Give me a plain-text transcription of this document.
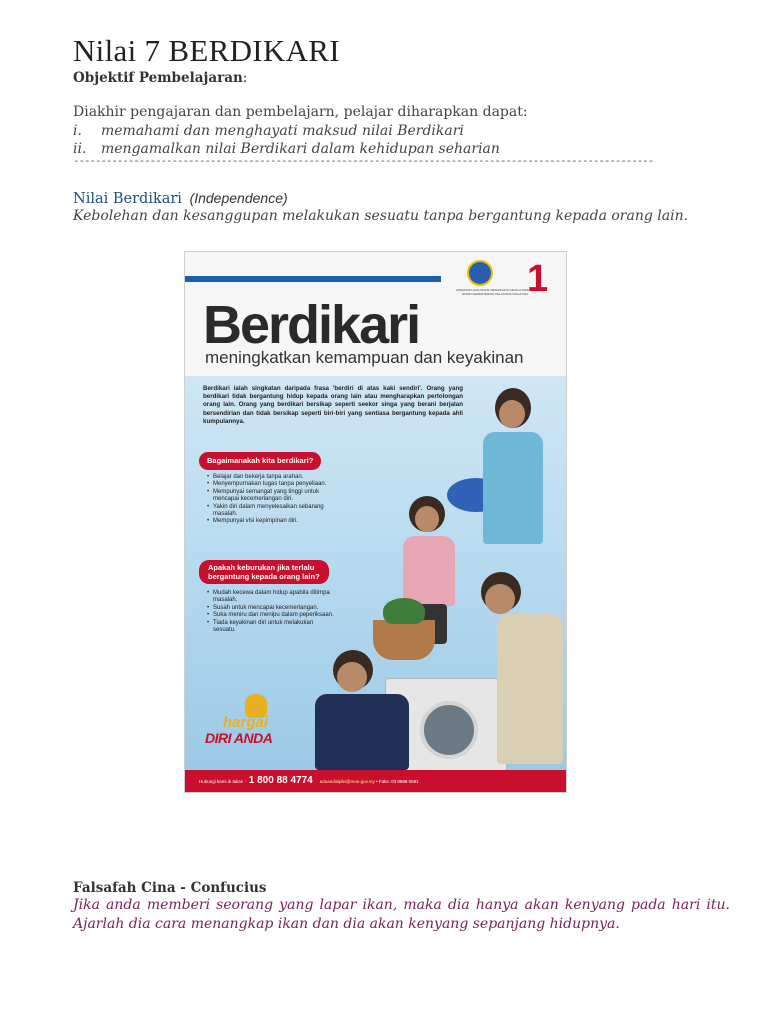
Nilai 7 BERDIKARI
Objektif Pembelajaran:
Diakhir pengajaran dan pembelajarn, pelajar diharapkan dapat:
i. memahami dan menghayati maksud nilai Berdikari
ii. mengamalkan nilai Berdikari dalam kehidupan seharian
----------------------------------------------------------------------------------------------------------
Nilai Berdikari (Independence)
Kebolehan dan kesanggupan melakukan sesuatu tanpa bergantung kepada orang lain.
JAWATANKUASA INDUK MENANGANI GEJALA DISIPLIN MURID KEMENTERIAN PELAJARAN MALAYSIA
1
Berdikari
meningkatkan kemampuan dan keyakinan
Berdikari ialah singkatan daripada frasa 'berdiri di atas kaki sendiri'. Orang yang berdikari tidak bergantung hidup kepada orang lain atau mengharapkan pertolongan orang lain. Orang yang berdikari bersikap seperti seekor singa yang berani berjalan bersendirian dan tidak bersikap seperti biri-biri yang sentiasa bergantung kepada ahli kumpulannya.
Bagaimanakah kita berdikari?
• Belajar dan bekerja tanpa arahan.
• Menyempurnakan tugas tanpa penyeliaan.
• Mempunyai semangat yang tinggi untuk mencapai kecemerlangan diri.
• Yakin diri dalam menyelesaikan sebarang masalah.
• Mempunyai visi kepimpinan diri.
Apakah keburukan jika terlalu
bergantung kepada orang lain?
• Mudah kecewa dalam hidup apabila ditimpa masalah.
• Susah untuk mencapai kecemerlangan.
• Suka meniru dan menipu dalam peperiksaan.
• Tiada keyakinan diri untuk melakukan sesuatu.
hargai
DIRI ANDA
Hubungi kami di talian : 1 800 88 4774 aduandisiplin@moe.gov.my • Faks: 03 8888 0681
Falsafah Cina - Confucius
Jika anda memberi seorang yang lapar ikan, maka dia hanya akan kenyang pada hari itu. Ajarlah dia cara menangkap ikan dan dia akan kenyang sepanjang hidupnya.
